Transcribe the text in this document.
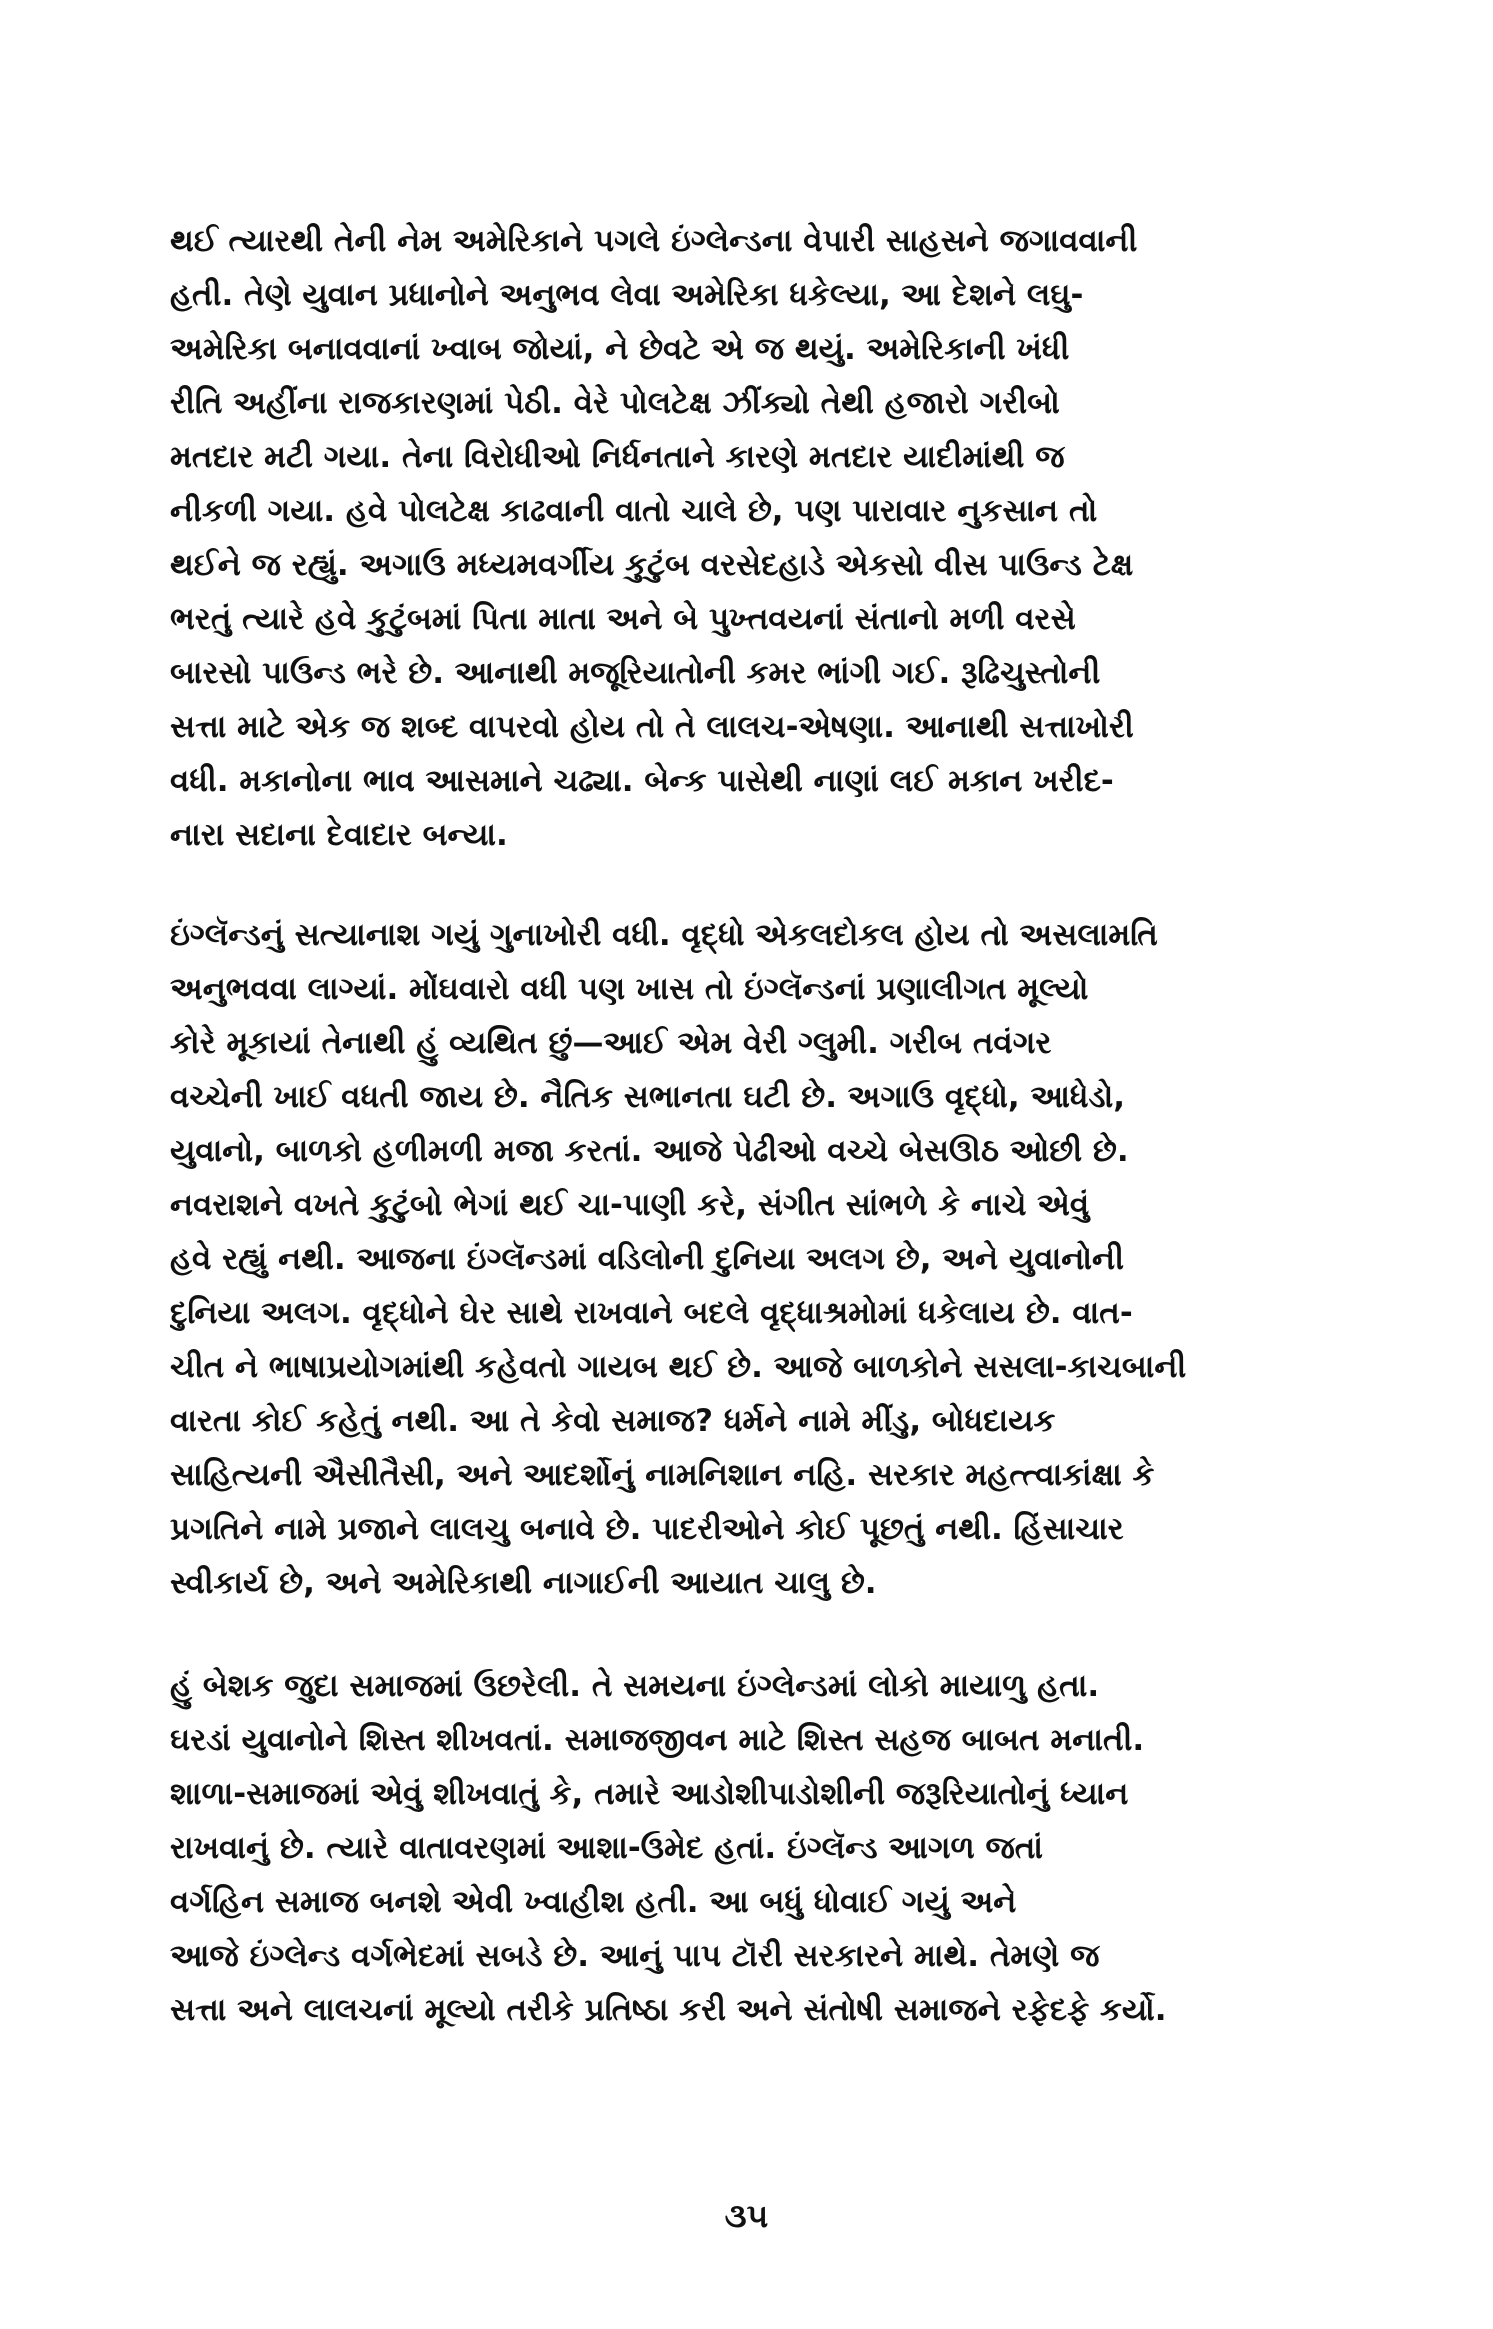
થઈ ત્યારથી તેની નેમ અમેરિકાને પગલે ઇંગ્લેન્ડના વેપારી સાહસને જગાવવાની

હતી. તેણે યુવાન પ્રધાનોને અનુભવ લેવા અમેરિકા ધકેલ્યા, આ દેશને લઘુ-

અમેરિકા બનાવવાનાં ખ્વાબ જોયાં, ને છેવટે એ જ થયું. અમેરિકાની ખંધી

રીતિ અહીંના રાજકારણમાં પેઠી. વેરે પોલટેક્ષ ઝીંક્યો તેથી હજારો ગરીબો

મતદાર મટી ગયા. તેના વિરોધીઓ નિર્ધનતાને કારણે મતદાર યાદીમાંથી જ

નીકળી ગયા. હવે પોલટેક્ષ કાઢવાની વાતો ચાલે છે, પણ પારાવાર નુકસાન તો

થઈને જ રહ્યું. અગાઉ મધ્યમવર્ગીય કુટુંબ વરસેદહાડે એકસો વીસ પાઉન્ડ ટેક્ષ

ભરતું ત્યારે હવે કુટુંબમાં પિતા માતા અને બે પુખ્તવયનાં સંતાનો મળી વરસે

બારસો પાઉન્ડ ભરે છે. આનાથી મજૂરિયાતોની કમર ભાંગી ગઈ. રૂઢિચુસ્તોની

સત્તા માટે એક જ શબ્દ વાપરવો હોય તો તે લાલચ-એષણા. આનાથી સત્તાખોરી

વધી. મકાનોના ભાવ આસમાને ચઢ્યા. બેન્ક પાસેથી નાણાં લઈ મકાન ખરીદ-

નારા સદાના દેવાદાર બન્યા.

ઇંગ્લૅન્ડનું સત્યાનાશ ગયું ગુનાખોરી વધી. વૃદ્ધો એકલદોકલ હોય તો અસલામતિ

અનુભવવા લાગ્યાં. મોંઘવારો વધી પણ ખાસ તો ઇંગ્લૅન્ડનાં પ્રણાલીગત મૂલ્યો

કોરે મૂકાયાં તેનાથી હું વ્યથિત છું—આઈ એમ વેરી ગ્લુમી. ગરીબ તવંગર

વચ્ચેની ખાઈ વધતી જાય છે. નૈતિક સભાનતા ઘટી છે. અગાઉ વૃદ્ધો, આધેડો,

યુવાનો, બાળકો હળીમળી મજા કરતાં. આજે પેઢીઓ વચ્ચે બેસઊઠ ઓછી છે.

નવરાશને વખતે કુટુંબો ભેગાં થઈ ચા-પાણી કરે, સંગીત સાંભળે કે નાચે એવું

હવે રહ્યું નથી. આજના ઇંગ્લૅન્ડમાં વડિલોની દુનિયા અલગ છે, અને યુવાનોની

દુનિયા અલગ. વૃદ્ધોને ઘેર સાથે રાખવાને બદલે વૃદ્ધાશ્રમોમાં ધકેલાય છે. વાત-

ચીત ને ભાષાપ્રયોગમાંથી કહેવતો ગાયબ થઈ છે. આજે બાળકોને સસલા-કાચબાની

વારતા કોઈ કહેતું નથી. આ તે કેવો સમાજ? ધર્મને નામે મીંડુ, બોધદાયક

સાહિત્યની ઐસીતૈસી, અને આદર્શોનું નામનિશાન નહિ. સરકાર મહત્ત્વાકાંક્ષા કે

પ્રગતિને નામે પ્રજાને લાલચુ બનાવે છે. પાદરીઓને કોઈ પૂછતું નથી. હિંસાચાર

સ્વીકાર્ય છે, અને અમેરિકાથી નાગાઈની આયાત ચાલુ છે.

હું બેશક જુદા સમાજમાં ઉછરેલી. તે સમયના ઇંગ્લેન્ડમાં લોકો માયાળુ હતા.

ઘરડાં યુવાનોને શિસ્ત શીખવતાં. સમાજજીવન માટે શિસ્ત સહજ બાબત મનાતી.

શાળા-સમાજમાં એવું શીખવાતું કે, તમારે આડોશીપાડોશીની જરૂરિયાતોનું ધ્યાન

રાખવાનું છે. ત્યારે વાતાવરણમાં આશા-ઉમેદ હતાં. ઇંગ્લૅન્ડ આગળ જતાં

વર્ગહિન સમાજ બનશે એવી ખ્વાહીશ હતી. આ બધું ધોવાઈ ગયું અને

આજે ઇંગ્લેન્ડ વર્ગભેદમાં સબડે છે. આનું પાપ ટૉરી સરકારને માથે. તેમણે જ

સત્તા અને લાલચનાં મૂલ્યો તરીકે પ્રતિષ્ઠા કરી અને સંતોષી સમાજને રફેદફે કર્યો.

૩૫
